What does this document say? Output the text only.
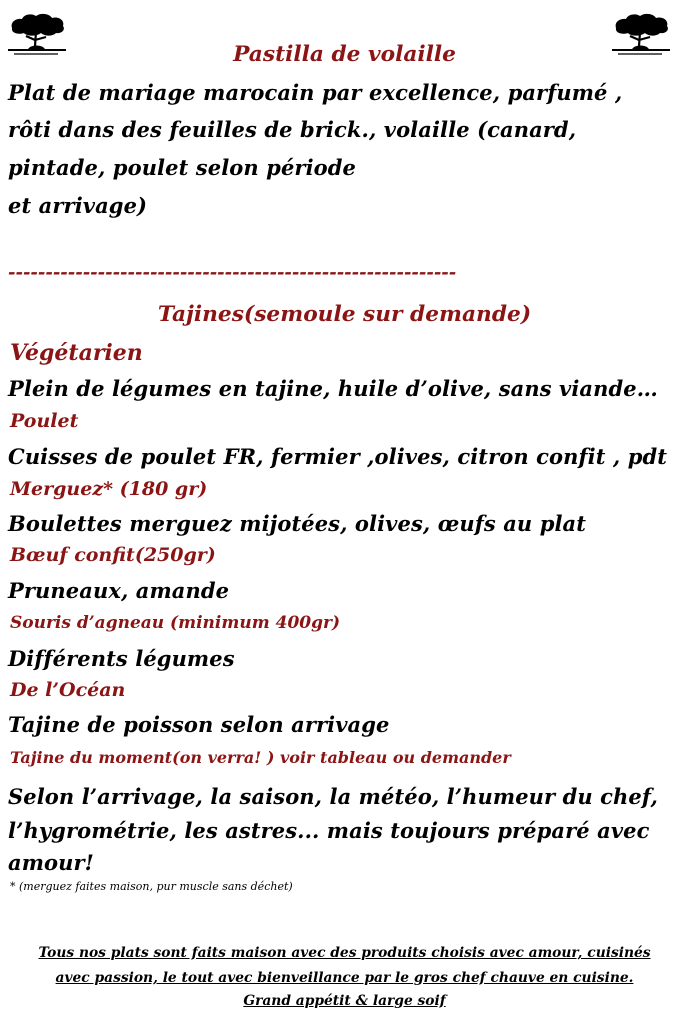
Pastilla de volaille
Plat de mariage marocain par excellence, parfumé ,
rôti dans des feuilles de brick., volaille (canard,
pintade, poulet selon période
et arrivage)
------------------------------------------------------------
Tajines(semoule sur demande)
Végétarien
Plein de légumes en tajine, huile d’olive, sans viande…
Poulet
Cuisses de poulet FR, fermier ,olives, citron confit , pdt
Merguez* (180 gr)
Boulettes merguez mijotées, olives, œufs au plat
Bœuf confit(250gr)
Pruneaux, amande
Souris d’agneau (minimum 400gr)
Différents légumes
De l’Océan
Tajine de poisson selon arrivage
Tajine du moment(on verra! ) voir tableau ou demander
Selon l’arrivage, la saison, la météo, l’humeur du chef,
l’hygrométrie, les astres... mais toujours préparé avec
amour!
* (merguez faites maison, pur muscle sans déchet)
Tous nos plats sont faits maison avec des produits choisis avec amour, cuisinés
avec passion, le tout avec bienveillance par le gros chef chauve en cuisine.
Grand appétit & large soif
